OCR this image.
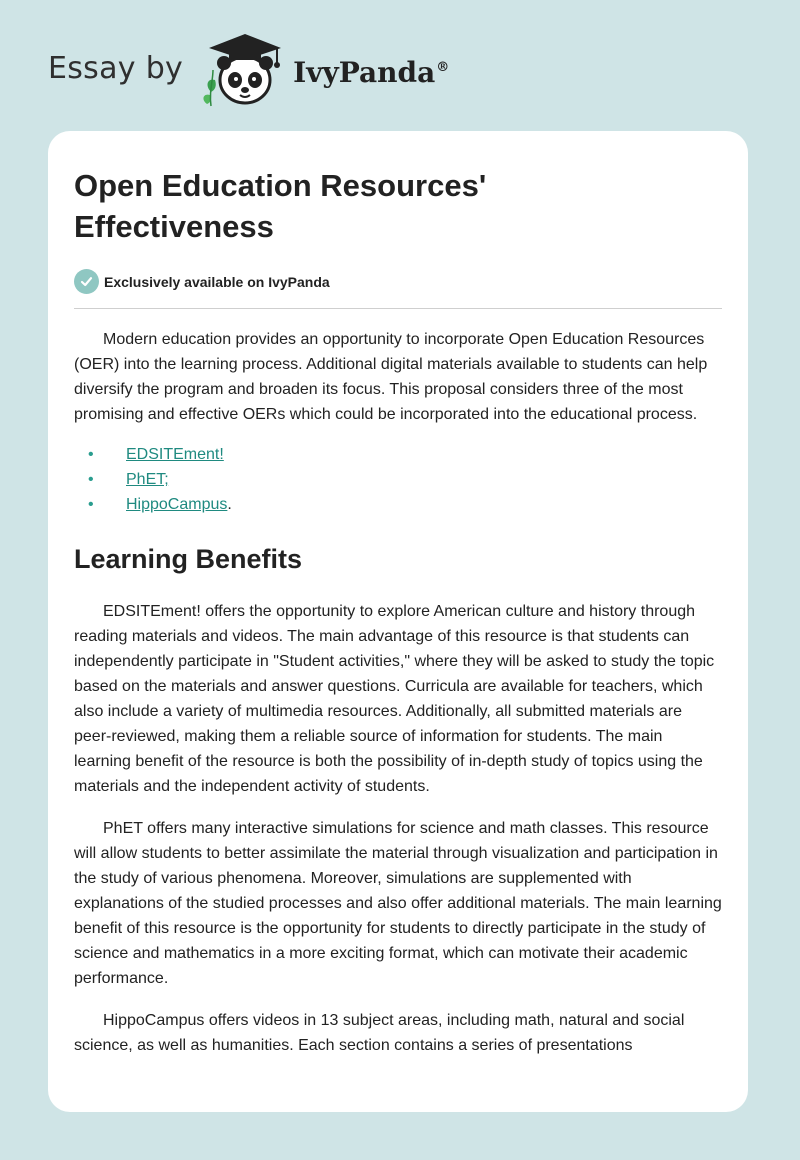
Essay by	IvyPanda®
Open Education Resources' Effectiveness
Exclusively available on IvyPanda

Modern education provides an opportunity to incorporate Open Education Resources (OER) into the learning process. Additional digital materials available to students can help diversify the program and broaden its focus. This proposal considers three of the most promising and effective OERs which could be incorporated into the educational process.

• EDSITEment!
• PhET;
• HippoCampus.
Learning Benefits

EDSITEment! offers the opportunity to explore American culture and history through reading materials and videos. The main advantage of this resource is that students can independently participate in "Student activities," where they will be asked to study the topic based on the materials and answer questions. Curricula are available for teachers, which also include a variety of multimedia resources. Additionally, all submitted materials are peer-reviewed, making them a reliable source of information for students. The main learning benefit of the resource is both the possibility of in-depth study of topics using the materials and the independent activity of students.

PhET offers many interactive simulations for science and math classes. This resource will allow students to better assimilate the material through visualization and participation in the study of various phenomena. Moreover, simulations are supplemented with explanations of the studied processes and also offer additional materials. The main learning benefit of this resource is the opportunity for students to directly participate in the study of science and mathematics in a more exciting format, which can motivate their academic performance.

HippoCampus offers videos in 13 subject areas, including math, natural and social science, as well as humanities. Each section contains a series of presentations
